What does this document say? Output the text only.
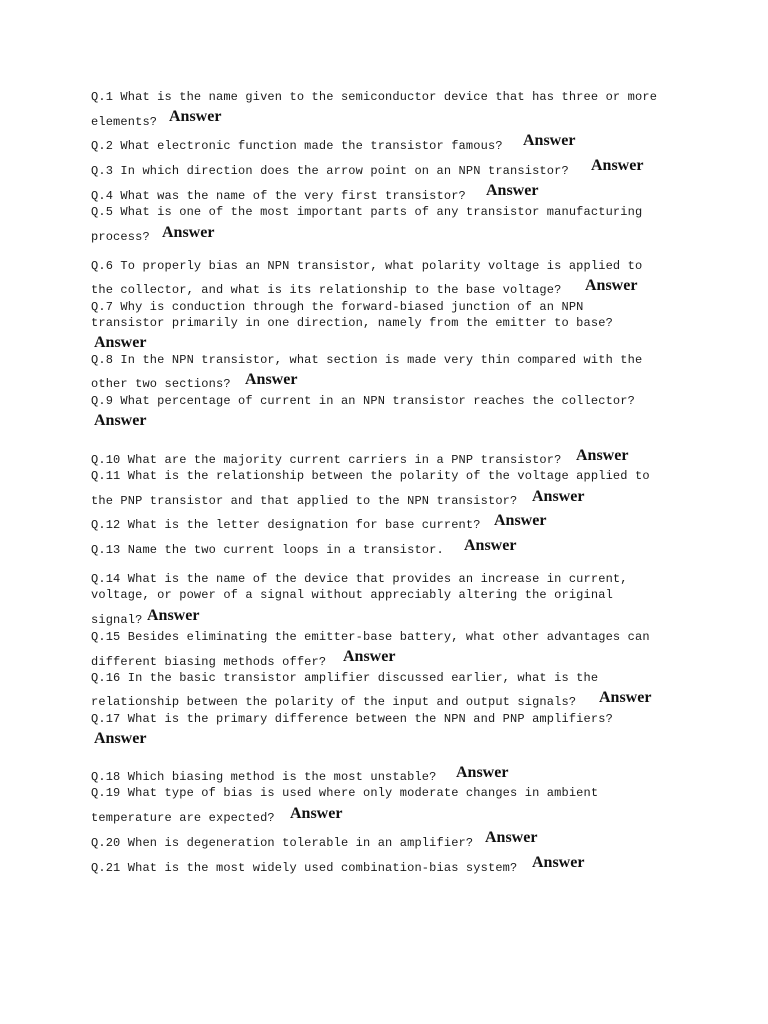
Q.1 What is the name given to the semiconductor device that has three or more
elements? Answer
Q.2 What electronic function made the transistor famous? Answer
Q.3 In which direction does the arrow point on an NPN transistor? Answer
Q.4 What was the name of the very first transistor? Answer
Q.5 What is one of the most important parts of any transistor manufacturing
process? Answer
Q.6 To properly bias an NPN transistor, what polarity voltage is applied to
the collector, and what is its relationship to the base voltage? Answer
Q.7 Why is conduction through the forward-biased junction of an NPN
transistor primarily in one direction, namely from the emitter to base?
Answer
Q.8 In the NPN transistor, what section is made very thin compared with the
other two sections? Answer
Q.9 What percentage of current in an NPN transistor reaches the collector?
Answer
Q.10 What are the majority current carriers in a PNP transistor? Answer
Q.11 What is the relationship between the polarity of the voltage applied to
the PNP transistor and that applied to the NPN transistor? Answer
Q.12 What is the letter designation for base current? Answer
Q.13 Name the two current loops in a transistor. Answer
Q.14 What is the name of the device that provides an increase in current,
voltage, or power of a signal without appreciably altering the original
signal? Answer
Q.15 Besides eliminating the emitter-base battery, what other advantages can
different biasing methods offer? Answer
Q.16 In the basic transistor amplifier discussed earlier, what is the
relationship between the polarity of the input and output signals? Answer
Q.17 What is the primary difference between the NPN and PNP amplifiers?
Answer
Q.18 Which biasing method is the most unstable? Answer
Q.19 What type of bias is used where only moderate changes in ambient
temperature are expected? Answer
Q.20 When is degeneration tolerable in an amplifier? Answer
Q.21 What is the most widely used combination-bias system? Answer
